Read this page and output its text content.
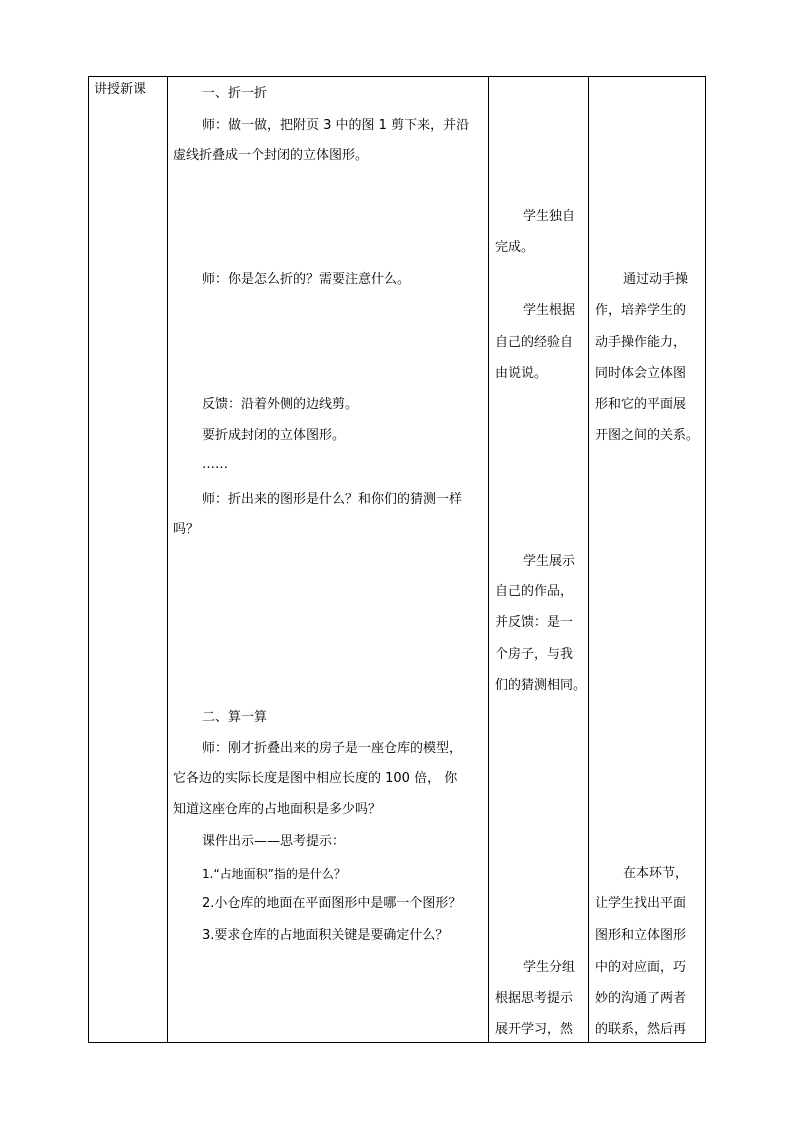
讲授新课	一、折一折
师：做一做，把附页 3 中的图 1 剪下来，并沿
虚线折叠成一个封闭的立体图形。
师：你是怎么折的？需要注意什么。
反馈：沿着外侧的边线剪。
要折成封闭的立体图形。
……
师：折出来的图形是什么？和你们的猜测一样
吗？
二、算一算
师：刚才折叠出来的房子是一座仓库的模型，
它各边的实际长度是图中相应长度的 100 倍， 你
知道这座仓库的占地面积是多少吗？
课件出示——思考提示：
1.“占地面积”指的是什么？
2.小仓库的地面在平面图形中是哪一个图形？
3.要求仓库的占地面积关键是要确定什么？
学生独自
完成。
学生根据
自己的经验自
由说说。
学生展示
自己的作品，
并反馈：是一
个房子，与我
们的猜测相同。
学生分组
根据思考提示
展开学习，然
通过动手操
作，培养学生的
动手操作能力，
同时体会立体图
形和它的平面展
开图之间的关系。
在本环节，
让学生找出平面
图形和立体图形
中的对应面，巧
妙的沟通了两者
的联系，然后再
